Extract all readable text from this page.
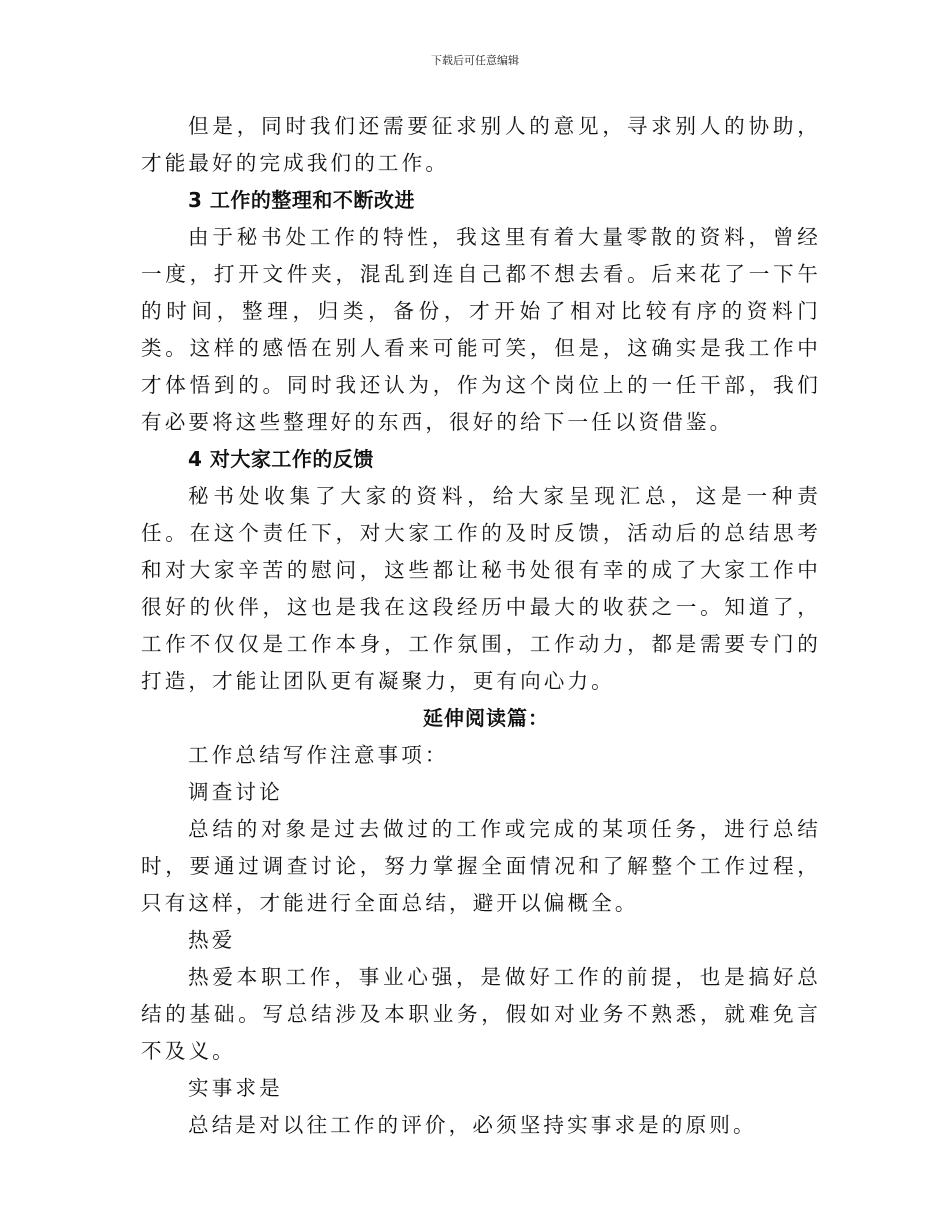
下载后可任意编辑

但是，同时我们还需要征求别人的意见，寻求别人的协助，才能最好的完成我们的工作。

3 工作的整理和不断改进

由于秘书处工作的特性，我这里有着大量零散的资料，曾经一度，打开文件夹，混乱到连自己都不想去看。后来花了一下午的时间，整理，归类，备份，才开始了相对比较有序的资料门类。这样的感悟在别人看来可能可笑，但是，这确实是我工作中才体悟到的。同时我还认为，作为这个岗位上的一任干部，我们有必要将这些整理好的东西，很好的给下一任以资借鉴。

4 对大家工作的反馈

秘书处收集了大家的资料，给大家呈现汇总，这是一种责任。在这个责任下，对大家工作的及时反馈，活动后的总结思考和对大家辛苦的慰问，这些都让秘书处很有幸的成了大家工作中很好的伙伴，这也是我在这段经历中最大的收获之一。知道了，工作不仅仅是工作本身，工作氛围，工作动力，都是需要专门的打造，才能让团队更有凝聚力，更有向心力。

延伸阅读篇：

工作总结写作注意事项：

调查讨论

总结的对象是过去做过的工作或完成的某项任务，进行总结时，要通过调查讨论，努力掌握全面情况和了解整个工作过程，只有这样，才能进行全面总结，避开以偏概全。

热爱

热爱本职工作，事业心强，是做好工作的前提，也是搞好总结的基础。写总结涉及本职业务，假如对业务不熟悉，就难免言不及义。

实事求是

总结是对以往工作的评价，必须坚持实事求是的原则。
